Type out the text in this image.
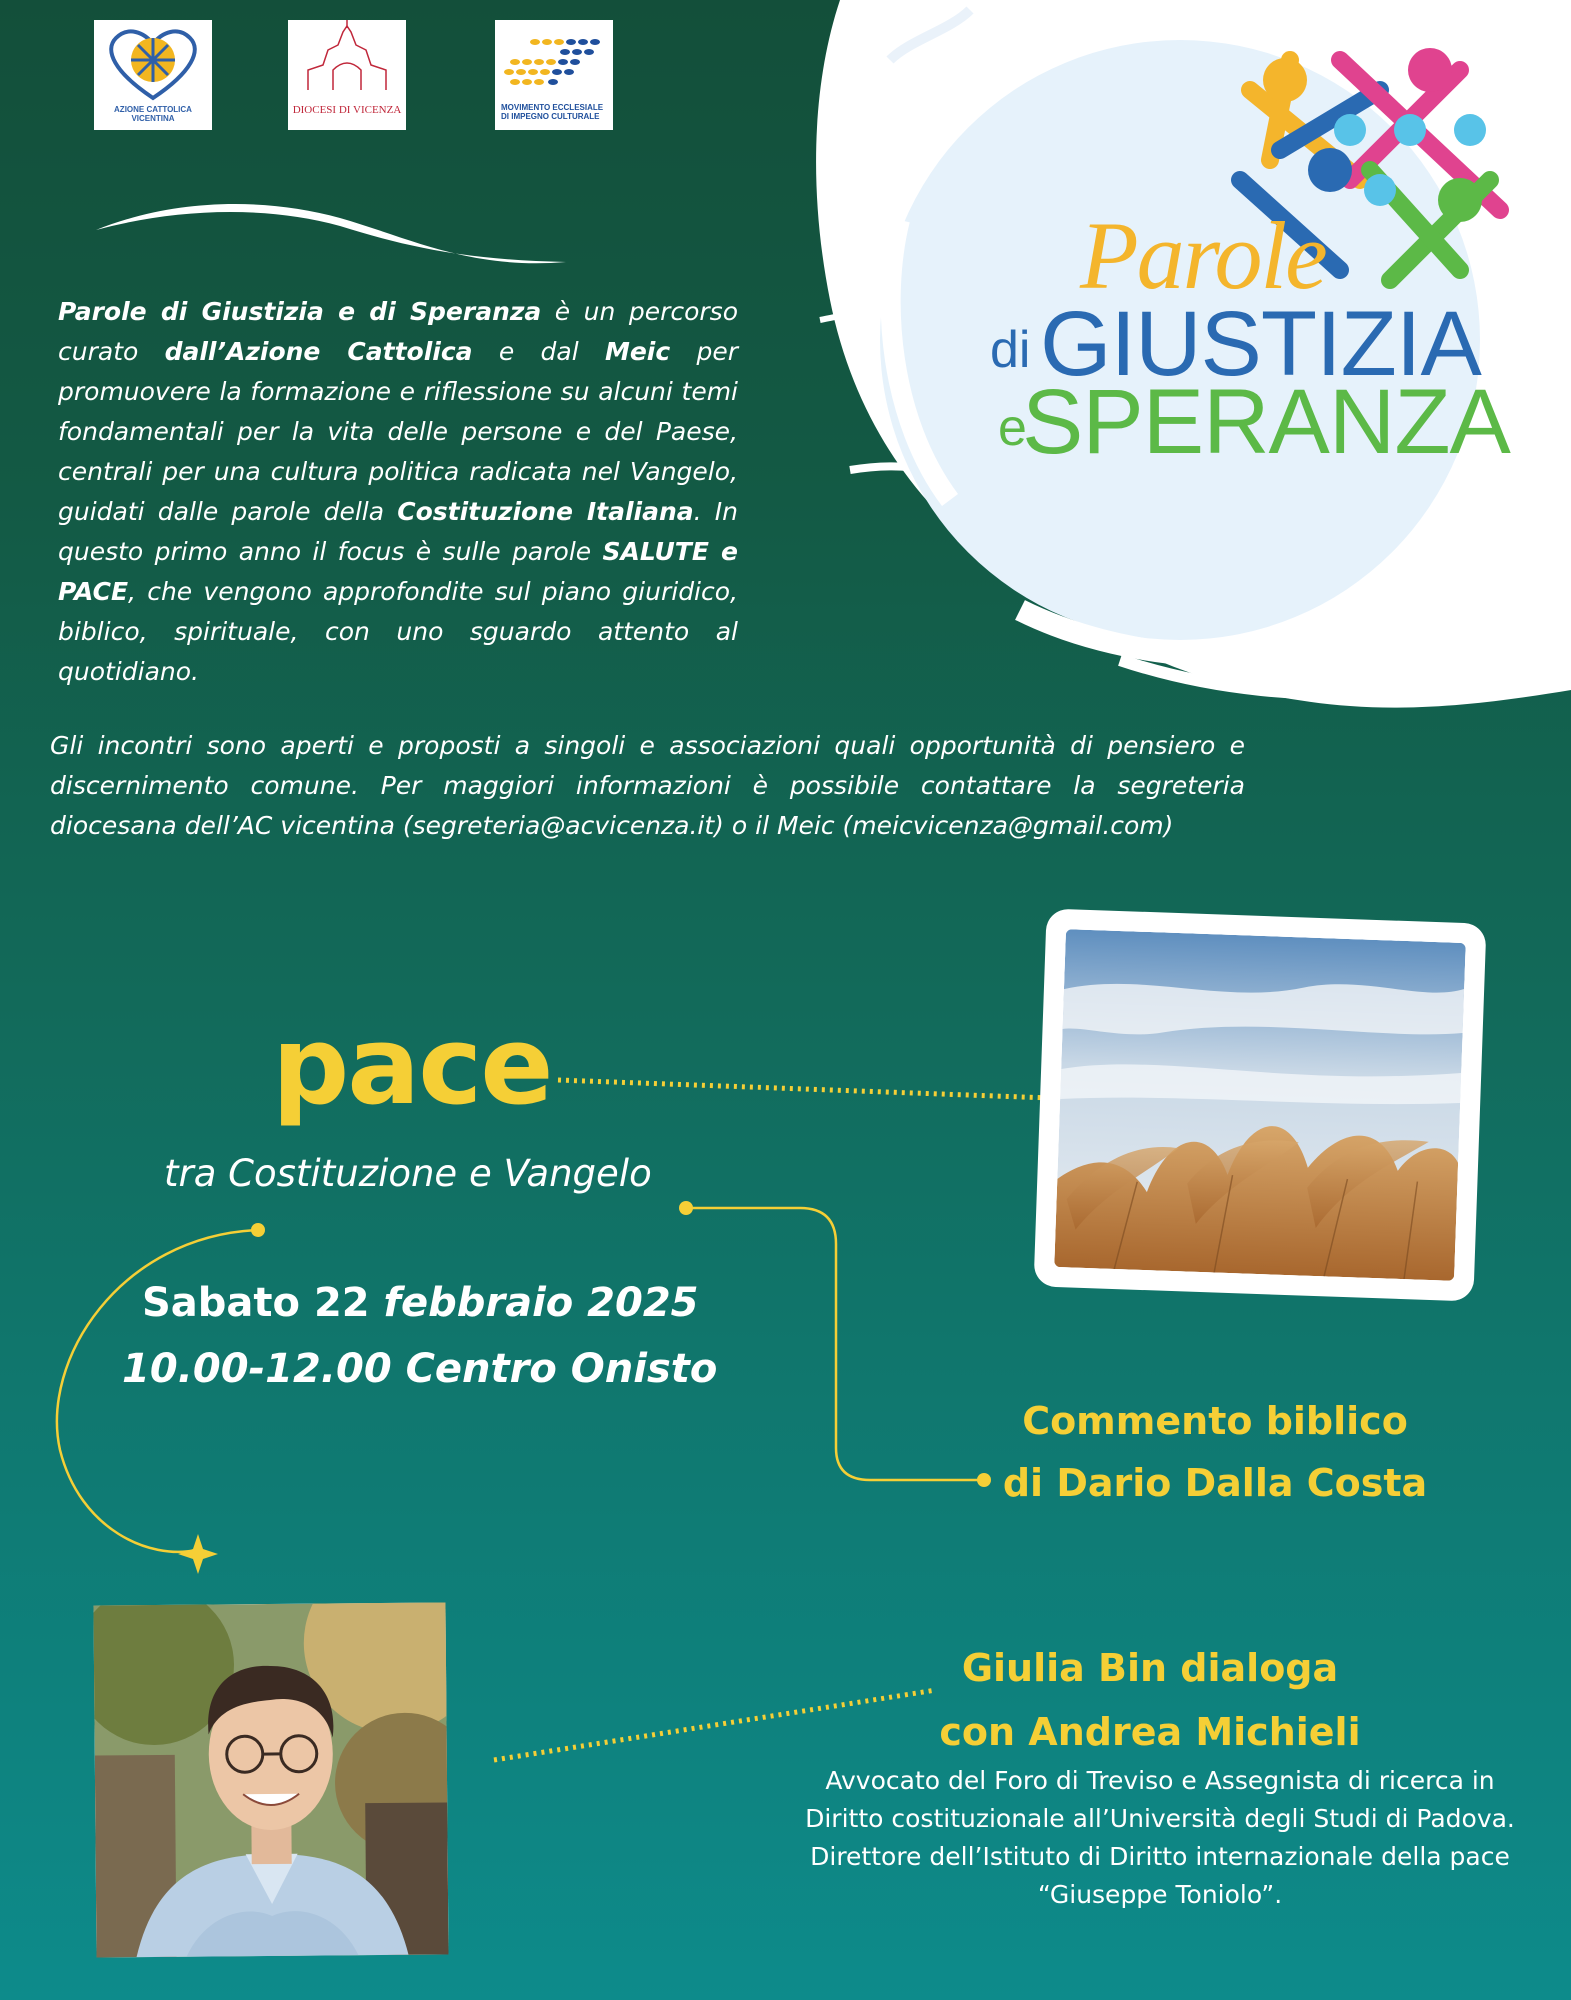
AZIONE CATTOLICA VICENTINA
DIOCESI DI VICENZA	MOVIMENTO ECCLESIALE
DI IMPEGNO CULTURALE
Parole
di GIUSTIZIA
e
SPERANZA

Parole di Giustizia e di Speranza è un percorso curato dall’Azione Cattolica e dal Meic per promuovere la formazione e riflessione su alcuni temi fondamentali per la vita delle persone e del Paese, centrali per una cultura politica radicata nel Vangelo, guidati dalle parole della Costituzione Italiana. In questo primo anno il focus è sulle parole SALUTE e PACE, che vengono approfondite sul piano giuridico, biblico, spirituale, con uno sguardo attento al quotidiano.

Gli incontri sono aperti e proposti a singoli e associazioni quali opportunità di pensiero e discernimento comune. Per maggiori informazioni è possibile contattare la segreteria diocesana dell’AC vicentina (segreteria@acvicenza.it) o il Meic (meicvicenza@gmail.com)

pace
tra Costituzione e Vangelo
Sabato 22 febbraio 2025
10.00-12.00 Centro Onisto
Commento biblico
di Dario Dalla Costa
Giulia Bin dialoga
con Andrea Michieli

Avvocato del Foro di Treviso e Assegnista di ricerca in Diritto costituzionale all’Università degli Studi di Padova. Direttore dell’Istituto di Diritto internazionale della pace “Giuseppe Toniolo”.
